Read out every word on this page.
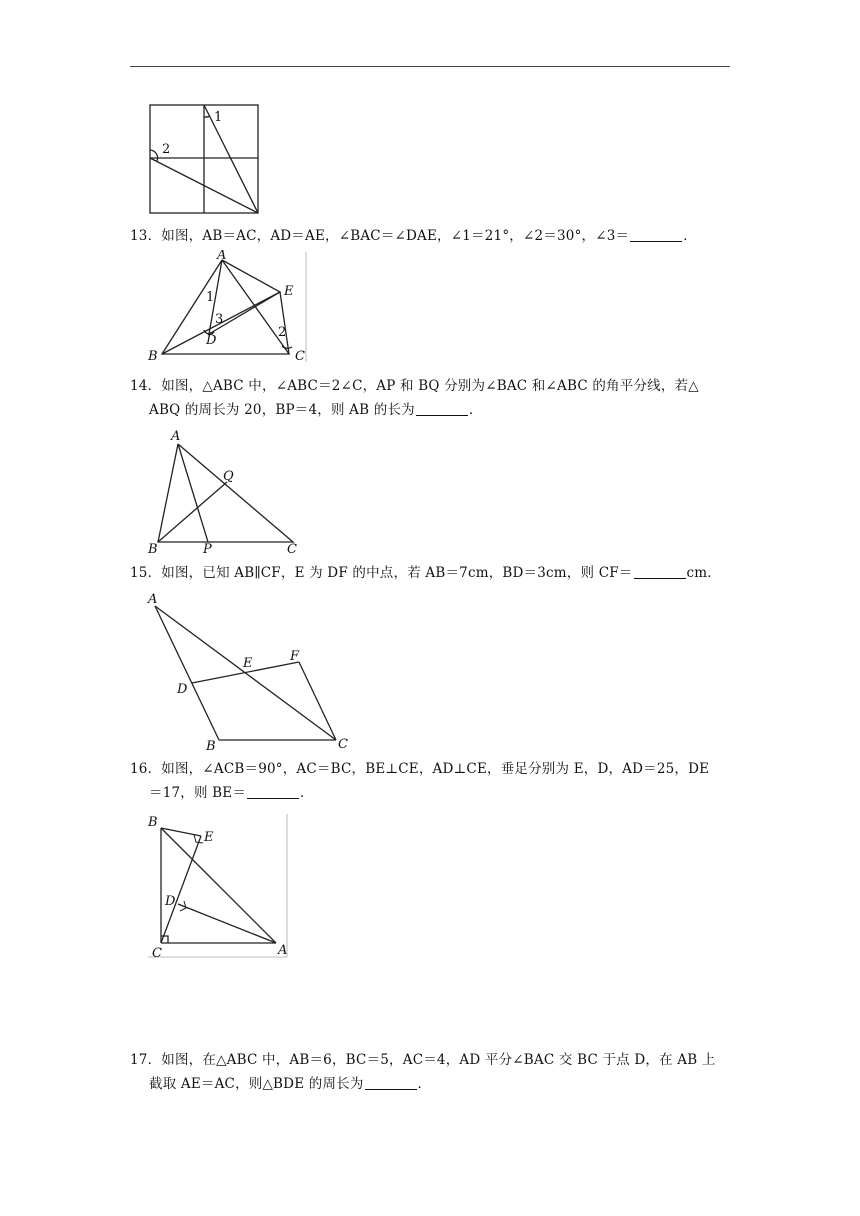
1
2
13．如图，AB＝AC，AD＝AE，∠BAC＝∠DAE，∠1＝21°，∠2＝30°，∠3＝	．
A
E
1
3
D
2
B	C
14．如图，△ABC 中，∠ABC＝2∠C，AP 和 BQ 分别为∠BAC 和∠ABC 的角平分线，若△
ABQ 的周长为 20，BP＝4，则 AB 的长为	．
A
Q
B	P	C
15．如图，已知 AB∥CF，E 为 DF 的中点，若 AB＝7cm，BD＝3cm，则 CF＝	cm．
A
E	F
D
B	C
16．如图，∠ACB＝90°，AC＝BC，BE⊥CE，AD⊥CE，垂足分别为 E，D，AD＝25，DE
＝17，则 BE＝	．
B
E
D
C	A
17．如图，在△ABC 中，AB＝6，BC＝5，AC＝4，AD 平分∠BAC 交 BC 于点 D，在 AB 上
截取 AE＝AC，则△BDE 的周长为	．
